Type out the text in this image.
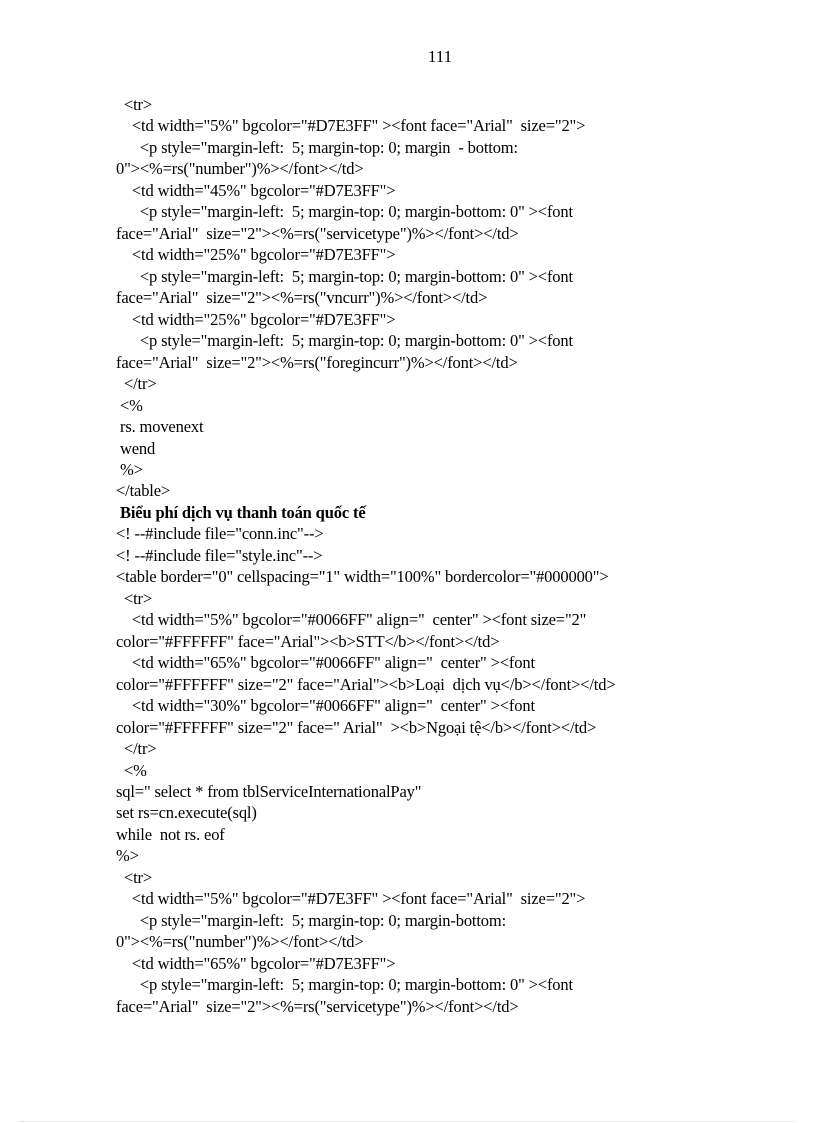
111
<tr>
<td width="5%" bgcolor="#D7E3FF" ><font face="Arial"  size="2">
<p style="margin-left:  5; margin-top: 0; margin  - bottom:
0"><%=rs("number")%></font></td>
<td width="45%" bgcolor="#D7E3FF">
<p style="margin-left:  5; margin-top: 0; margin-bottom: 0" ><font
face="Arial"  size="2"><%=rs("servicetype")%></font></td>
<td width="25%" bgcolor="#D7E3FF">
<p style="margin-left:  5; margin-top: 0; margin-bottom: 0" ><font
face="Arial"  size="2"><%=rs("vncurr")%></font></td>
<td width="25%" bgcolor="#D7E3FF">
<p style="margin-left:  5; margin-top: 0; margin-bottom: 0" ><font
face="Arial"  size="2"><%=rs("foregincurr")%></font></td>
</tr>
<%
rs. movenext
wend
%>
</table>
Biểu phí dịch vụ thanh toán quốc tế
<! --#include file="conn.inc"-->
<! --#include file="style.inc"-->
<table border="0" cellspacing="1" width="100%" bordercolor="#000000">
<tr>
<td width="5%" bgcolor="#0066FF" align="  center" ><font size="2"
color="#FFFFFF" face="Arial"><b>STT</b></font></td>
<td width="65%" bgcolor="#0066FF" align="  center" ><font
color="#FFFFFF" size="2" face="Arial"><b>Loại  dịch vụ</b></font></td>
<td width="30%" bgcolor="#0066FF" align="  center" ><font
color="#FFFFFF" size="2" face=" Arial"  ><b>Ngoại tệ</b></font></td>
</tr>
<%
sql=" select * from tblServiceInternationalPay"
set rs=cn.execute(sql)
while  not rs. eof
%>
<tr>
<td width="5%" bgcolor="#D7E3FF" ><font face="Arial"  size="2">
<p style="margin-left:  5; margin-top: 0; margin-bottom:
0"><%=rs("number")%></font></td>
<td width="65%" bgcolor="#D7E3FF">
<p style="margin-left:  5; margin-top: 0; margin-bottom: 0" ><font
face="Arial"  size="2"><%=rs("servicetype")%></font></td>
